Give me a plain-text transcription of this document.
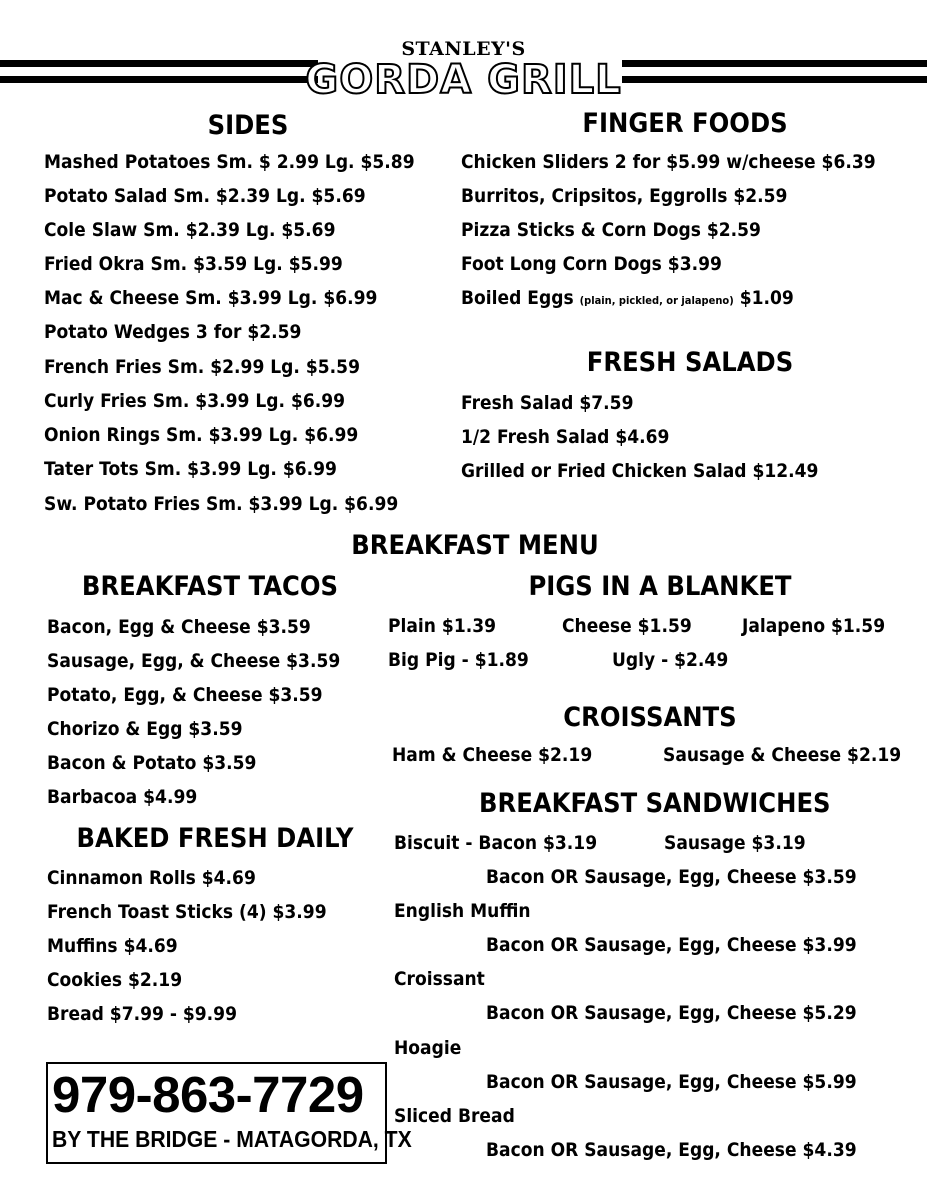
STANLEY'S
GORDA GRILL
SIDES
Mashed Potatoes Sm. $ 2.99 Lg. $5.89
Potato Salad Sm. $2.39 Lg. $5.69
Cole Slaw Sm. $2.39 Lg. $5.69
Fried Okra Sm. $3.59 Lg. $5.99
Mac & Cheese Sm. $3.99 Lg. $6.99
Potato Wedges 3 for $2.59
French Fries Sm. $2.99 Lg. $5.59
Curly Fries Sm. $3.99 Lg. $6.99
Onion Rings Sm. $3.99 Lg. $6.99
Tater Tots Sm. $3.99 Lg. $6.99
Sw. Potato Fries Sm. $3.99 Lg. $6.99
FINGER FOODS
Chicken Sliders 2 for $5.99 w/cheese $6.39
Burritos, Cripsitos, Eggrolls $2.59
Pizza Sticks & Corn Dogs $2.59
Foot Long Corn Dogs $3.99
Boiled Eggs (plain, pickled, or jalapeno) $1.09
FRESH SALADS
Fresh Salad $7.59
1/2 Fresh Salad $4.69
Grilled or Fried Chicken Salad $12.49
BREAKFAST MENU
BREAKFAST TACOS
Bacon, Egg & Cheese $3.59
Sausage, Egg, & Cheese $3.59
Potato, Egg, & Cheese $3.59
Chorizo & Egg $3.59
Bacon & Potato $3.59
Barbacoa $4.99
BAKED FRESH DAILY
Cinnamon Rolls $4.69
French Toast Sticks (4) $3.99
Muffins $4.69
Cookies $2.19
Bread $7.99 - $9.99
PIGS IN A BLANKET
Plain $1.39	Cheese $1.59	Jalapeno $1.59
Big Pig - $1.89	Ugly - $2.49
CROISSANTS
Ham & Cheese $2.19	Sausage & Cheese $2.19
BREAKFAST SANDWICHES
Biscuit - Bacon $3.19	Sausage $3.19
Bacon OR Sausage, Egg, Cheese $3.59
English Muffin
Bacon OR Sausage, Egg, Cheese $3.99
Croissant
Bacon OR Sausage, Egg, Cheese $5.29
Hoagie
Bacon OR Sausage, Egg, Cheese $5.99
Sliced Bread
Bacon OR Sausage, Egg, Cheese $4.39
979-863-7729
BY THE BRIDGE - MATAGORDA, TX
